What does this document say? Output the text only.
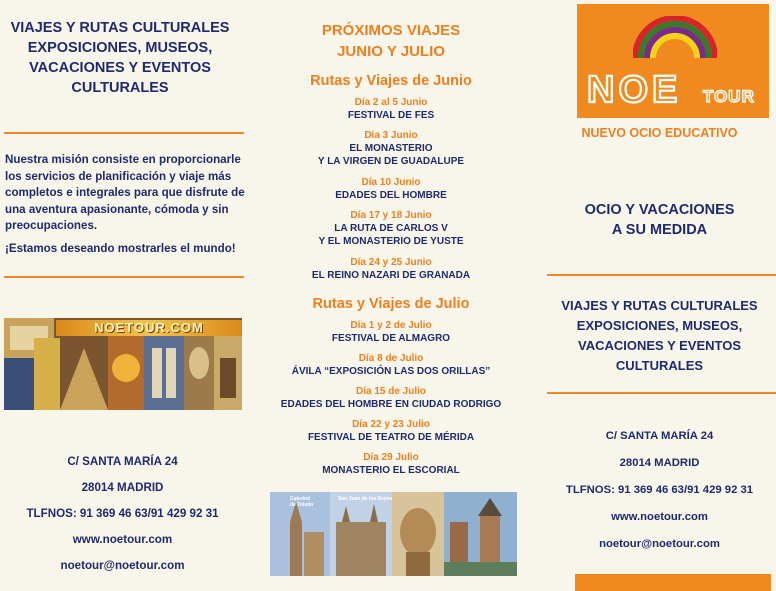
VIAJES Y RUTAS CULTURALES
EXPOSICIONES, MUSEOS,
VACACIONES Y EVENTOS
CULTURALES
Nuestra misión consiste en proporcionarle los servicios de planificación y viaje más completos e integrales para que disfrute de una aventura apasionante, cómoda y sin preocupaciones.
¡Estamos deseando mostrarles el mundo!
NOETOUR.COM
C/ SANTA MARÍA 24
28014 MADRID
TLFNOS: 91 369 46 63/91 429 92 31
www.noetour.com
noetour@noetour.com
PRÓXIMOS VIAJES
JUNIO Y JULIO
Rutas y Viajes de Junio
Día 2 al 5 Junio
FESTIVAL DE FES
Día 3 Junio
EL MONASTERIO
Y LA VIRGEN DE GUADALUPE
Día 10 Junio
EDADES DEL HOMBRE
Día 17 y 18 Junio
LA RUTA DE CARLOS V
Y EL MONASTERIO DE YUSTE
Día 24 y 25 Junio
EL REINO NAZARI DE GRANADA
Rutas y Viajes de Julio
Día 1 y 2 de Julio
FESTIVAL DE ALMAGRO
Día 8 de Julio
ÁVILA “EXPOSICIÓN LAS DOS ORILLAS”
Día 15 de Julio
EDADES DEL HOMBRE EN CIUDAD RODRIGO
Día 22 y 23 Julio
FESTIVAL DE TEATRO DE MÉRIDA
Día 29 Julio
MONASTERIO EL ESCORIAL
Catedral de Toledo
San Juan de los Reyes
NOE TOUR
NUEVO OCIO EDUCATIVO
OCIO Y VACACIONES
A SU MEDIDA
VIAJES Y RUTAS CULTURALES
EXPOSICIONES, MUSEOS,
VACACIONES Y EVENTOS
CULTURALES
C/ SANTA MARÍA 24
28014 MADRID
TLFNOS: 91 369 46 63/91 429 92 31
www.noetour.com
noetour@noetour.com
